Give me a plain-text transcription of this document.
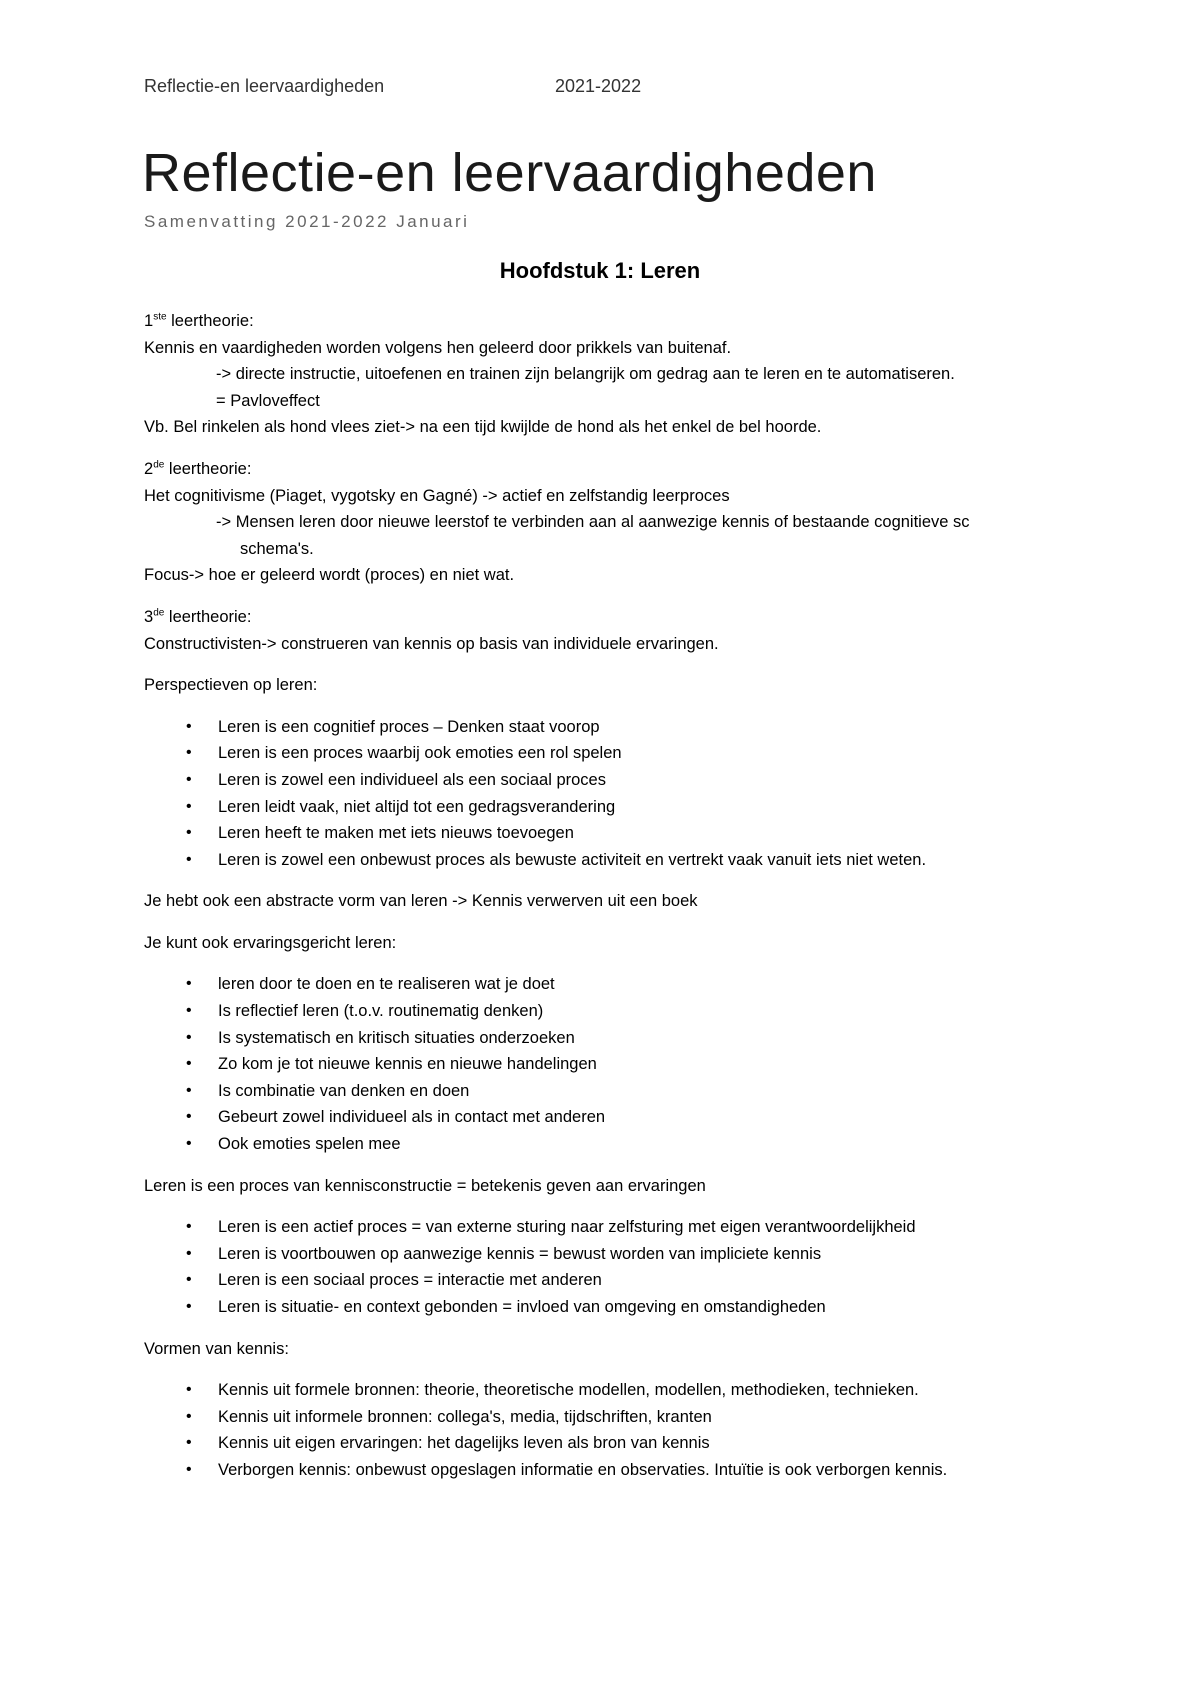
Reflectie-en leervaardigheden	2021-2022
Reflectie-en leervaardigheden
Samenvatting 2021-2022 Januari
Hoofdstuk 1: Leren

1ste leertheorie:

Kennis en vaardigheden worden volgens hen geleerd door prikkels van buitenaf.

-> directe instructie, uitoefenen en trainen zijn belangrijk om gedrag aan te leren en te automatiseren.

= Pavloveffect

Vb. Bel rinkelen als hond vlees ziet-> na een tijd kwijlde de hond als het enkel de bel hoorde.

2de leertheorie:

Het cognitivisme (Piaget, vygotsky en Gagné) -> actief en zelfstandig leerproces

-> Mensen leren door nieuwe leerstof te verbinden aan al aanwezige kennis of bestaande cognitieve sc

schema's.

Focus-> hoe er geleerd wordt (proces) en niet wat.

3de leertheorie:

Constructivisten-> construeren van kennis op basis van individuele ervaringen.

Perspectieven op leren:

• Leren is een cognitief proces – Denken staat voorop
• Leren is een proces waarbij ook emoties een rol spelen
• Leren is zowel een individueel als een sociaal proces
• Leren leidt vaak, niet altijd tot een gedragsverandering
• Leren heeft te maken met iets nieuws toevoegen
• Leren is zowel een onbewust proces als bewuste activiteit en vertrekt vaak vanuit iets niet weten.

Je hebt ook een abstracte vorm van leren -> Kennis verwerven uit een boek

Je kunt ook ervaringsgericht leren:

• leren door te doen en te realiseren wat je doet
• Is reflectief leren (t.o.v. routinematig denken)
• Is systematisch en kritisch situaties onderzoeken
• Zo kom je tot nieuwe kennis en nieuwe handelingen
• Is combinatie van denken en doen
• Gebeurt zowel individueel als in contact met anderen
• Ook emoties spelen mee

Leren is een proces van kennisconstructie = betekenis geven aan ervaringen

• Leren is een actief proces = van externe sturing naar zelfsturing met eigen verantwoordelijkheid
• Leren is voortbouwen op aanwezige kennis = bewust worden van impliciete kennis
• Leren is een sociaal proces = interactie met anderen
• Leren is situatie- en context gebonden = invloed van omgeving en omstandigheden

Vormen van kennis:

• Kennis uit formele bronnen: theorie, theoretische modellen, modellen, methodieken, technieken.
• Kennis uit informele bronnen: collega's, media, tijdschriften, kranten
• Kennis uit eigen ervaringen: het dagelijks leven als bron van kennis
• Verborgen kennis: onbewust opgeslagen informatie en observaties. Intuïtie is ook verborgen kennis.
